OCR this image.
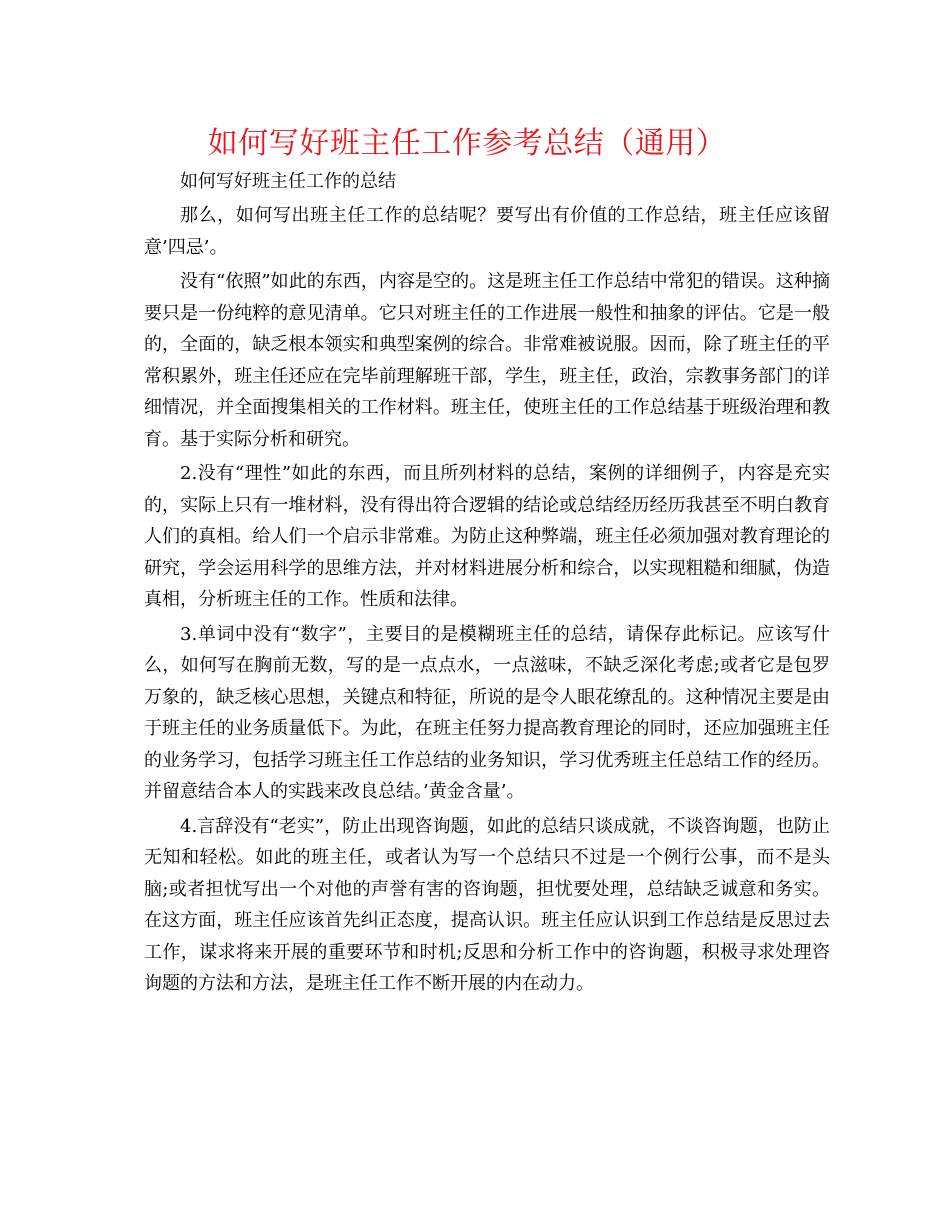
如何写好班主任工作参考总结（通用）

如何写好班主任工作的总结

那么，如何写出班主任工作的总结呢？要写出有价值的工作总结，班主任应该留意’四忌’。

没有“依照”如此的东西，内容是空的。这是班主任工作总结中常犯的错误。这种摘要只是一份纯粹的意见清单。它只对班主任的工作进展一般性和抽象的评估。它是一般的，全面的，缺乏根本领实和典型案例的综合。非常难被说服。因而，除了班主任的平常积累外，班主任还应在完毕前理解班干部，学生，班主任，政治，宗教事务部门的详细情况，并全面搜集相关的工作材料。班主任，使班主任的工作总结基于班级治理和教育。基于实际分析和研究。

2.没有“理性”如此的东西，而且所列材料的总结，案例的详细例子，内容是充实的，实际上只有一堆材料，没有得出符合逻辑的结论或总结经历经历我甚至不明白教育人们的真相。给人们一个启示非常难。为防止这种弊端，班主任必须加强对教育理论的研究，学会运用科学的思维方法，并对材料进展分析和综合，以实现粗糙和细腻，伪造真相，分析班主任的工作。性质和法律。

3.单词中没有“数字”，主要目的是模糊班主任的总结，请保存此标记。应该写什么，如何写在胸前无数，写的是一点点水，一点滋味，不缺乏深化考虑;或者它是包罗万象的，缺乏核心思想，关键点和特征，所说的是令人眼花缭乱的。这种情况主要是由于班主任的业务质量低下。为此，在班主任努力提高教育理论的同时，还应加强班主任的业务学习，包括学习班主任工作总结的业务知识，学习优秀班主任总结工作的经历。并留意结合本人的实践来改良总结。’黄金含量’。

4.言辞没有“老实”，防止出现咨询题，如此的总结只谈成就，不谈咨询题，也防止无知和轻松。如此的班主任，或者认为写一个总结只不过是一个例行公事，而不是头脑;或者担忧写出一个对他的声誉有害的咨询题，担忧要处理，总结缺乏诚意和务实。在这方面，班主任应该首先纠正态度，提高认识。班主任应认识到工作总结是反思过去工作，谋求将来开展的重要环节和时机;反思和分析工作中的咨询题，积极寻求处理咨询题的方法和方法，是班主任工作不断开展的内在动力。
